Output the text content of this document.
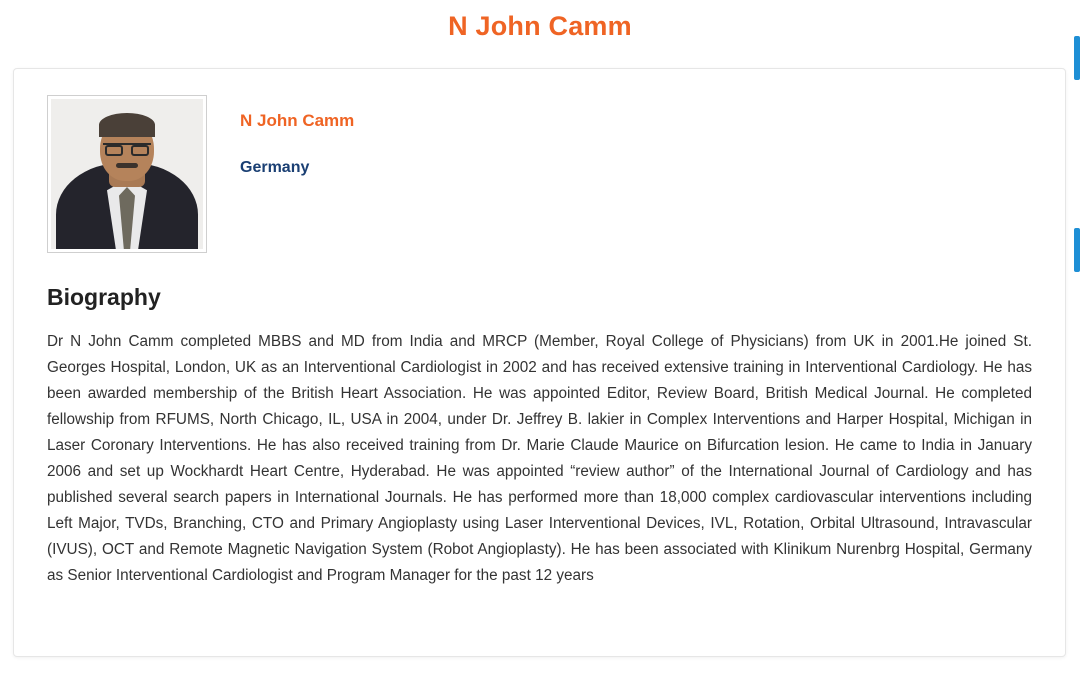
N John Camm

N John Camm

Germany

Biography

Dr N John Camm completed MBBS and MD from India and MRCP (Member, Royal College of Physicians) from UK in 2001.He joined St. Georges Hospital, London, UK as an Interventional Cardiologist in 2002 and has received extensive training in Interventional Cardiology. He has been awarded membership of the British Heart Association. He was appointed Editor, Review Board, British Medical Journal. He completed fellowship from RFUMS, North Chicago, IL, USA in 2004, under Dr. Jeffrey B. lakier in Complex Interventions and Harper Hospital, Michigan in Laser Coronary Interventions. He has also received training from Dr. Marie Claude Maurice on Bifurcation lesion. He came to India in January 2006 and set up Wockhardt Heart Centre, Hyderabad. He was appointed “review author” of the International Journal of Cardiology and has published several search papers in International Journals. He has performed more than 18,000 complex cardiovascular interventions including Left Major, TVDs, Branching, CTO and Primary Angioplasty using Laser Interventional Devices, IVL, Rotation, Orbital Ultrasound, Intravascular (IVUS), OCT and Remote Magnetic Navigation System (Robot Angioplasty). He has been associated with Klinikum Nurenbrg Hospital, Germany as Senior Interventional Cardiologist and Program Manager for the past 12 years
